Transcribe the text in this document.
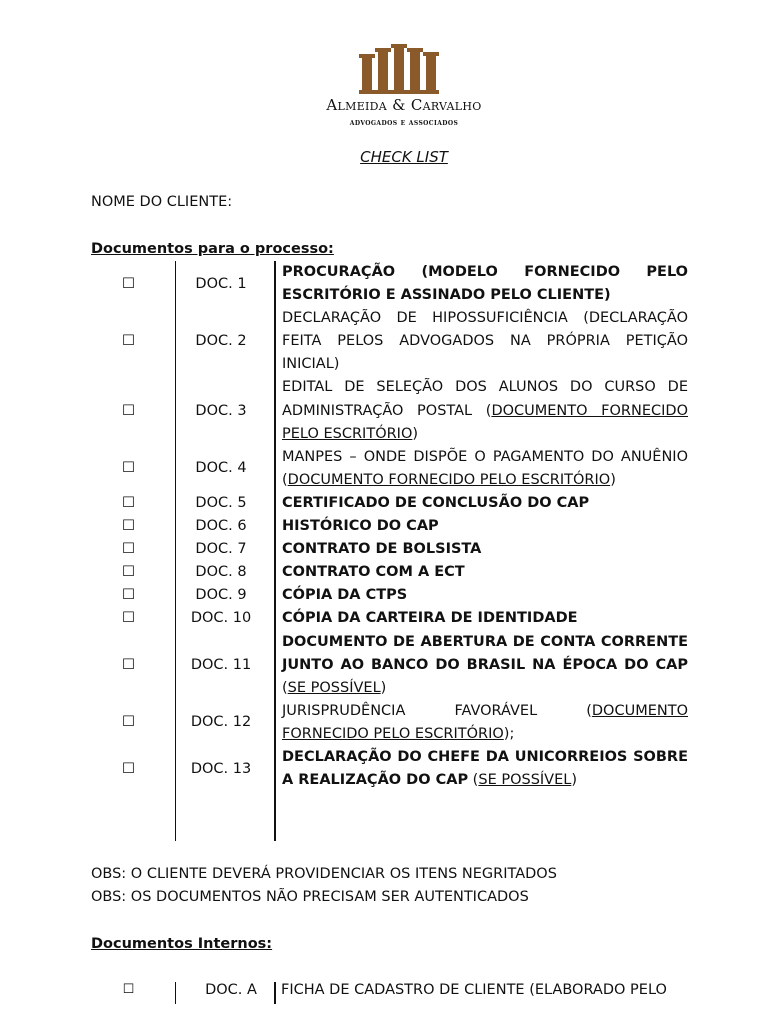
Almeida & Carvalho
advogados e associados
CHECK LIST
NOME DO CLIENTE:
Documentos para o processo:
☐	DOC. 1	PROCURAÇÃO (MODELO FORNECIDO PELO ESCRITÓRIO E ASSINADO PELO CLIENTE)
☐	DOC. 2	DECLARAÇÃO DE HIPOSSUFICIÊNCIA (DECLARAÇÃO FEITA PELOS ADVOGADOS NA PRÓPRIA PETIÇÃO INICIAL)
☐	DOC. 3	EDITAL DE SELEÇÃO DOS ALUNOS DO CURSO DE ADMINISTRAÇÃO POSTAL (DOCUMENTO FORNECIDO PELO ESCRITÓRIO)
☐	DOC. 4	MANPES – ONDE DISPÕE O PAGAMENTO DO ANUÊNIO (DOCUMENTO FORNECIDO PELO ESCRITÓRIO)
☐	DOC. 5	CERTIFICADO DE CONCLUSÃO DO CAP
☐	DOC. 6	HISTÓRICO DO CAP
☐	DOC. 7	CONTRATO DE BOLSISTA
☐	DOC. 8	CONTRATO COM A ECT
☐	DOC. 9	CÓPIA DA CTPS
☐	DOC. 10	CÓPIA DA CARTEIRA DE IDENTIDADE
☐	DOC. 11	DOCUMENTO DE ABERTURA DE CONTA CORRENTE JUNTO AO BANCO DO BRASIL NA ÉPOCA DO CAP (SE POSSÍVEL)
☐	DOC. 12	JURISPRUDÊNCIA FAVORÁVEL (DOCUMENTO FORNECIDO PELO ESCRITÓRIO);
☐	DOC. 13	DECLARAÇÃO DO CHEFE DA UNICORREIOS SOBRE A REALIZAÇÃO DO CAP (SE POSSÍVEL)
OBS: O CLIENTE DEVERÁ PROVIDENCIAR OS ITENS NEGRITADOS
OBS: OS DOCUMENTOS NÃO PRECISAM SER AUTENTICADOS
Documentos Internos:
☐	DOC. A	FICHA DE CADASTRO DE CLIENTE (ELABORADO PELO
